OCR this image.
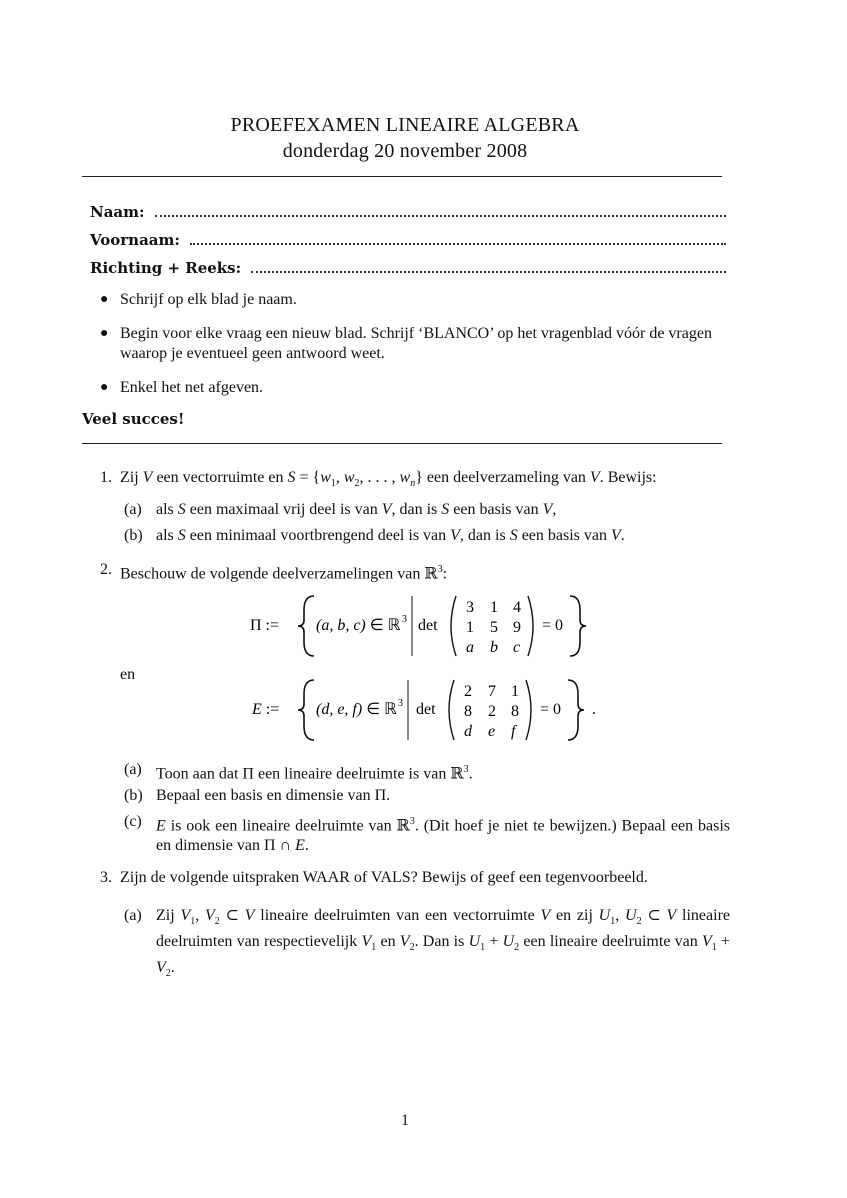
PROEFEXAMEN LINEAIRE ALGEBRA
donderdag 20 november 2008
Naam:
Voornaam:
Richting + Reeks:
● Schrijf op elk blad je naam.
● Begin voor elke vraag een nieuw blad. Schrijf ‘BLANCO’ op het vragenblad vóór de vragen waarop je eventueel geen antwoord weet.
● Enkel het net afgeven.
Veel succes!
1. Zij V een vectorruimte en $S = \{w_1$, $w_2$, . . . , $w_n$} een deelverzameling van V. Bewijs:
(a) als S een maximaal vrij deel is van V, dan is S een basis van V,
(b) als S een minimaal voortbrengend deel is van V, dan is S een basis van V.
2. Beschouw de volgende deelverzamelingen van ℝ$^3$:
Π := (a, b, c) ∈ ℝ 3 det
3 1 4
1 5 9
a b c
= 0
en
E := (d, e, f) ∈ ℝ 3 det
2 7 1
8 2 8
d e f
= 0 .
(a) Toon aan dat Π een lineaire deelruimte is van ℝ$^3$.
(b) Bepaal een basis en dimensie van Π.
(c) E is ook een lineaire deelruimte van ℝ$^3$. (Dit hoef je niet te bewijzen.) Bepaal een basis en dimensie van Π ∩ E.
3. Zijn de volgende uitspraken WAAR of VALS? Bewijs of geef een tegenvoorbeeld.
(a) Zij $V_1$, $V_2$ ⊂ V lineaire deelruimten van een vectorruimte V en zij $U_1$, $U_2$ ⊂ V lineaire deelruimten van respectievelijk $V_1$ en $V_2$. Dan is $U_1 + U_2$ een lineaire deelruimte van $V_1 + V_2$.
1
